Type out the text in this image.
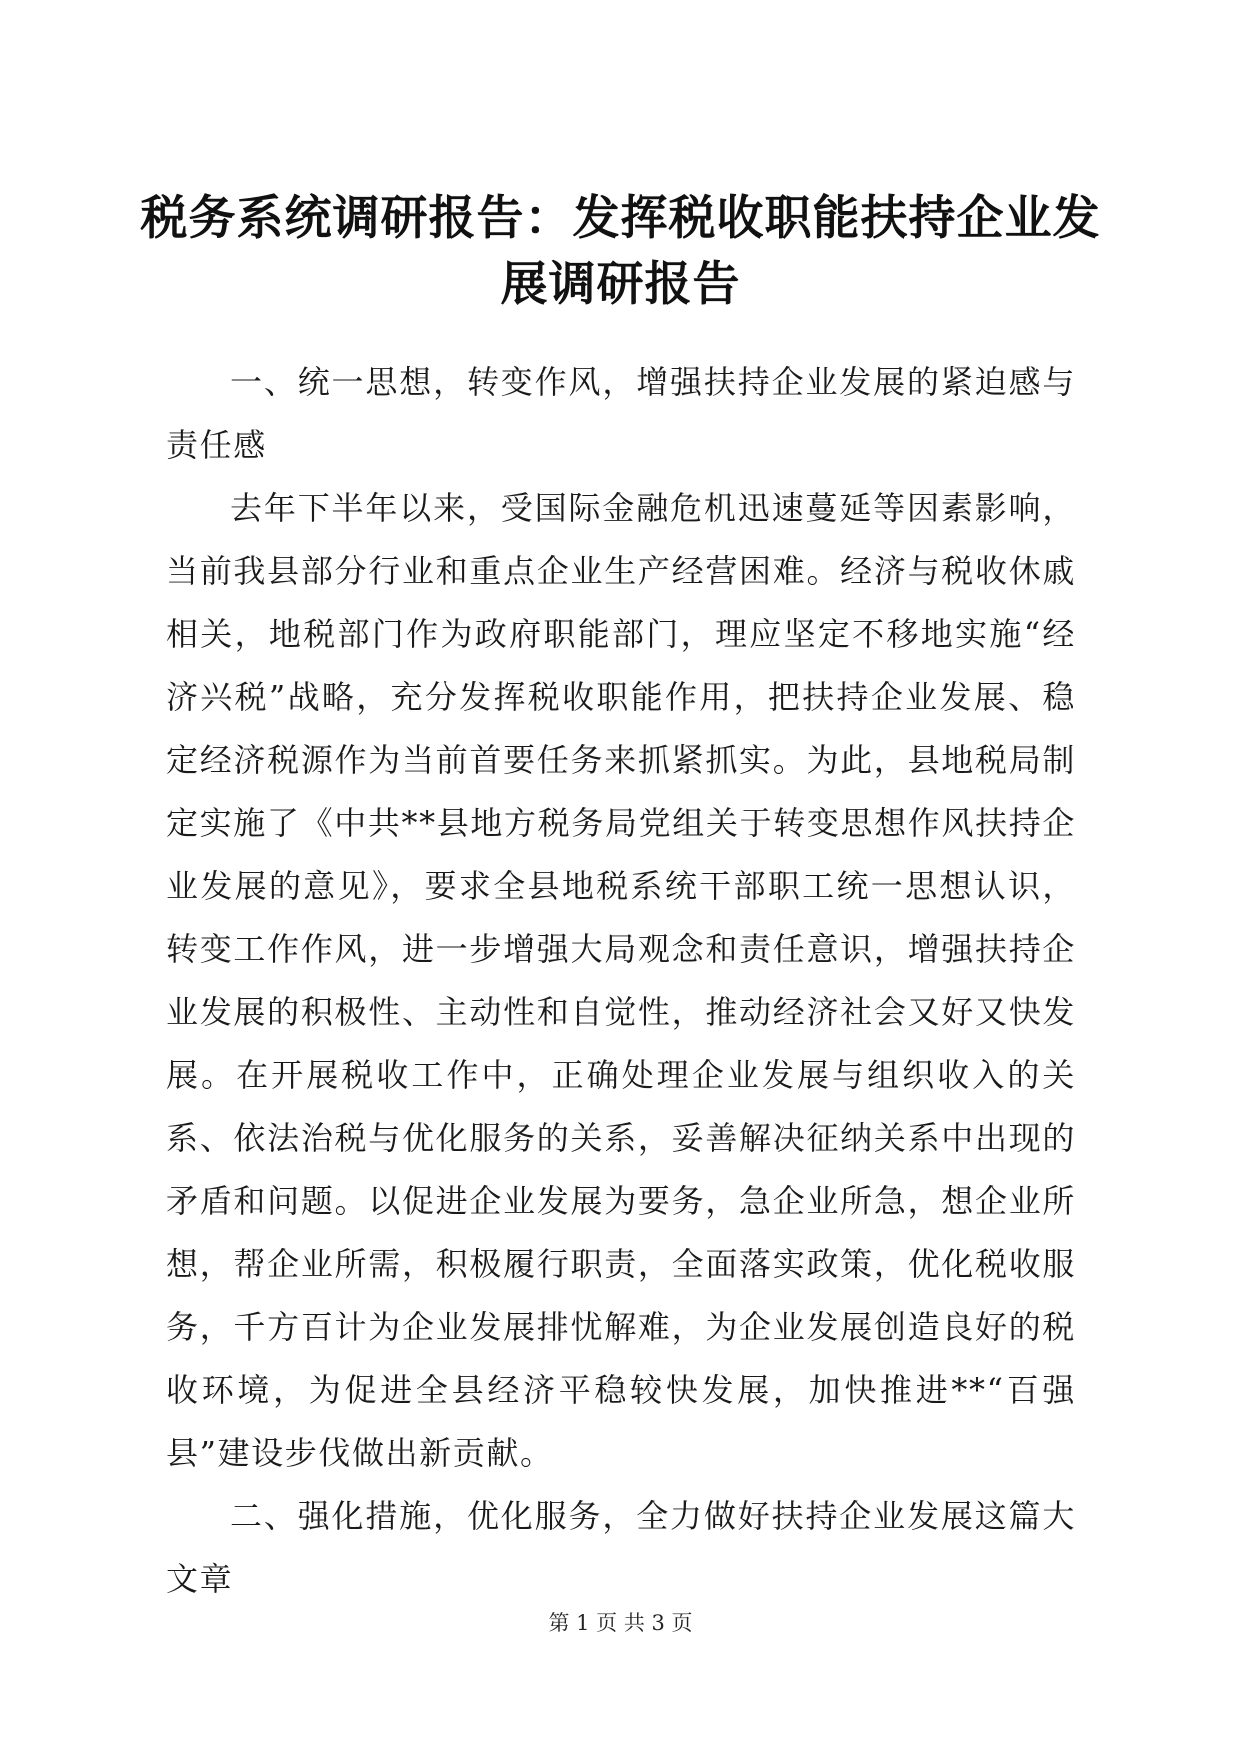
税务系统调研报告：发挥税收职能扶持企业发展调研报告

一、统一思想，转变作风，增强扶持企业发展的紧迫感与责任感

去年下半年以来，受国际金融危机迅速蔓延等因素影响，当前我县部分行业和重点企业生产经营困难。经济与税收休戚相关，地税部门作为政府职能部门，理应坚定不移地实施“经济兴税”战略，充分发挥税收职能作用，把扶持企业发展、稳定经济税源作为当前首要任务来抓紧抓实。为此，县地税局制定实施了《中共**县地方税务局党组关于转变思想作风扶持企业发展的意见》，要求全县地税系统干部职工统一思想认识，转变工作作风，进一步增强大局观念和责任意识，增强扶持企业发展的积极性、主动性和自觉性，推动经济社会又好又快发展。在开展税收工作中，正确处理企业发展与组织收入的关系、依法治税与优化服务的关系，妥善解决征纳关系中出现的矛盾和问题。以促进企业发展为要务，急企业所急，想企业所想，帮企业所需，积极履行职责，全面落实政策，优化税收服务，千方百计为企业发展排忧解难，为企业发展创造良好的税收环境，为促进全县经济平稳较快发展，加快推进**“百强县”建设步伐做出新贡献。

二、强化措施，优化服务，全力做好扶持企业发展这篇大文章

第 1 页 共 3 页
